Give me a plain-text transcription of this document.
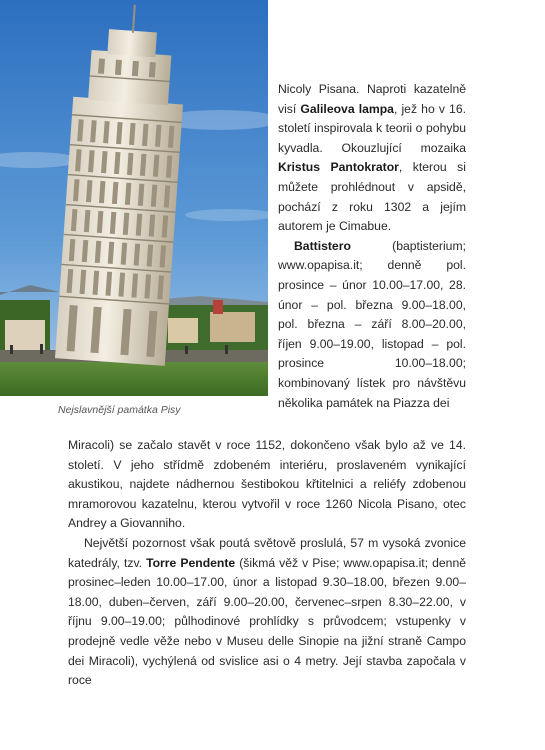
Nejslavnější památka Pisy

Nicoly Pisana. Naproti kazatelně visí Galileova lampa, jež ho v 16. století inspirovala k teorii o pohybu kyvadla. Okouzlující mozaika Kristus Pantokrator, kterou si můžete prohlédnout v apsidě, pochází z roku 1302 a jejím autorem je Cimabue.

Battistero (baptisterium; www.opapisa.it; denně pol. prosince – únor 10.00–17.00, 28. únor – pol. března 9.00–18.00, pol. března – září 8.00–20.00, říjen 9.00–19.00, listopad – pol. prosince 10.00–18.00; kombinovaný lístek pro návštěvu několika památek na Piazza dei

Miracoli) se začalo stavět v roce 1152, dokončeno však bylo až ve 14. století. V jeho střídmě zdobeném interiéru, proslaveném vynikající akustikou, najdete nádhernou šestibokou křtitelnici a reliéfy zdobenou mramorovou kazatelnu, kterou vytvořil v roce 1260 Nicola Pisano, otec Andrey a Giovanniho.

Největší pozornost však poutá světově proslulá, 57 m vysoká zvonice katedrály, tzv. Torre Pendente (šikmá věž v Pise; www.opapisa.it; denně prosinec–leden 10.00–17.00, únor a listopad 9.30–18.00, březen 9.00–18.00, duben–červen, září 9.00–20.00, červenec–srpen 8.30–22.00, v říjnu 9.00–19.00; půlhodinové prohlídky s průvodcem; vstupenky v prodejně vedle věže nebo v Museu delle Sinopie na jižní straně Campo dei Miracoli), vychýlená od svislice asi o 4 metry. Její stavba započala v roce
